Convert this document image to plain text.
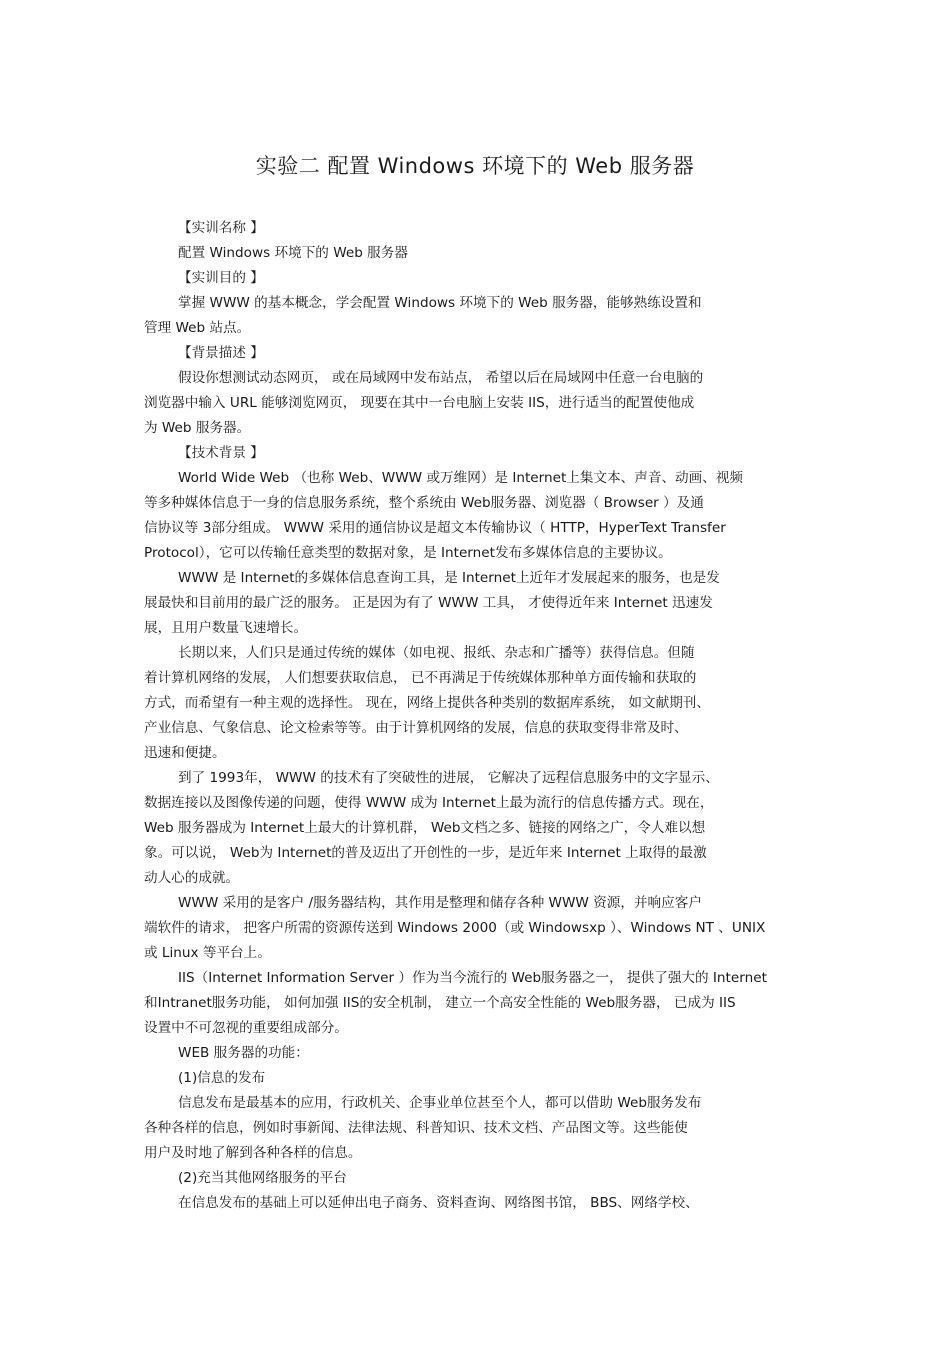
实验二 配置 Windows 环境下的 Web 服务器
【实训名称 】
配置 Windows 环境下的 Web 服务器
【实训目的 】
掌握 WWW 的基本概念，学会配置 Windows 环境下的 Web 服务器，能够熟练设置和
管理 Web 站点。
【背景描述 】
假设你想测试动态网页， 或在局域网中发布站点， 希望以后在局域网中任意一台电脑的
浏览器中输入 URL 能够浏览网页， 现要在其中一台电脑上安装 IIS，进行适当的配置使他成
为 Web 服务器。
【技术背景 】
World Wide Web （也称 Web、WWW 或万维网）是 Internet上集文本、声音、动画、视频
等多种媒体信息于一身的信息服务系统，整个系统由 Web服务器、浏览器（ Browser ）及通
信协议等 3部分组成。 WWW 采用的通信协议是超文本传输协议（ HTTP，HyperText Transfer
Protocol），它可以传输任意类型的数据对象，是 Internet发布多媒体信息的主要协议。
WWW 是 Internet的多媒体信息查询工具，是 Internet上近年才发展起来的服务，也是发
展最快和目前用的最广泛的服务。 正是因为有了 WWW 工具， 才使得近年来 Internet 迅速发
展，且用户数量飞速增长。
长期以来，人们只是通过传统的媒体（如电视、报纸、杂志和广播等）获得信息。但随
着计算机网络的发展， 人们想要获取信息， 已不再满足于传统媒体那种单方面传输和获取的
方式，而希望有一种主观的选择性。 现在，网络上提供各种类别的数据库系统， 如文献期刊、
产业信息、气象信息、论文检索等等。由于计算机网络的发展，信息的获取变得非常及时、
迅速和便捷。
到了 1993年， WWW 的技术有了突破性的进展， 它解决了远程信息服务中的文字显示、
数据连接以及图像传递的问题，使得 WWW 成为 Internet上最为流行的信息传播方式。现在，
Web 服务器成为 Internet上最大的计算机群， Web文档之多、链接的网络之广，令人难以想
象。可以说， Web为 Internet的普及迈出了开创性的一步，是近年来 Internet 上取得的最激
动人心的成就。
WWW 采用的是客户 /服务器结构，其作用是整理和储存各种 WWW 资源，并响应客户
端软件的请求， 把客户所需的资源传送到 Windows 2000（或 Windowsxp ）、Windows NT 、UNIX
或 Linux 等平台上。
IIS（Internet Information Server ）作为当今流行的 Web服务器之一， 提供了强大的 Internet
和Intranet服务功能， 如何加强 IIS的安全机制， 建立一个高安全性能的 Web服务器， 已成为 IIS
设置中不可忽视的重要组成部分。
WEB 服务器的功能：
(1)信息的发布
信息发布是最基本的应用，行政机关、企事业单位甚至个人，都可以借助 Web服务发布
各种各样的信息，例如时事新闻、法律法规、科普知识、技术文档、产品图文等。这些能使
用户及时地了解到各种各样的信息。
(2)充当其他网络服务的平台
在信息发布的基础上可以延伸出电子商务、资料查询、网络图书馆， BBS、网络学校、
